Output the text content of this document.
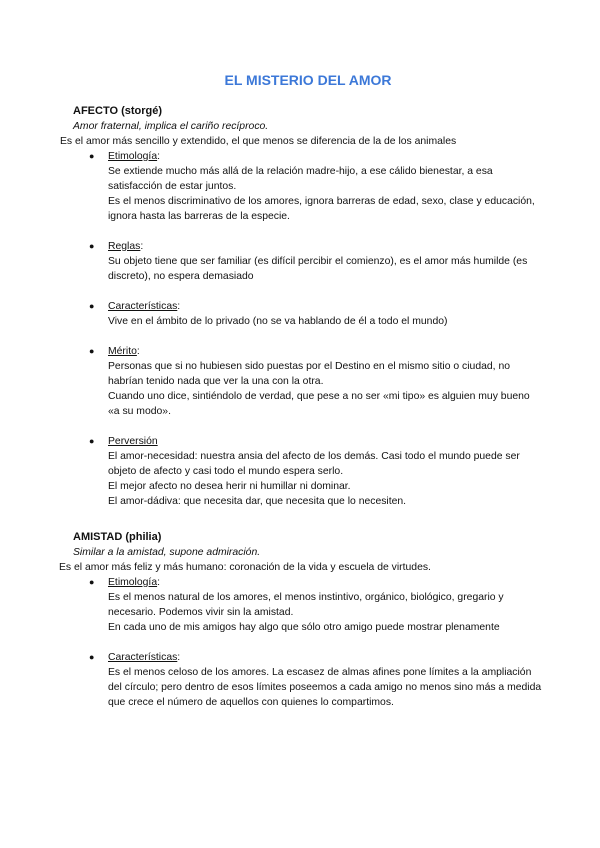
EL MISTERIO DEL AMOR
AFECTO (storgé)
Amor fraternal, implica el cariño recíproco.
Es el amor más sencillo y extendido, el que menos se diferencia de la de los animales
● Etimología:

Se extiende mucho más allá de la relación madre-hijo, a ese cálido bienestar, a esa satisfacción de estar juntos.

Es el menos discriminativo de los amores, ignora barreras de edad, sexo, clase y educación, ignora hasta las barreras de la especie.

● Reglas:

Su objeto tiene que ser familiar (es difícil percibir el comienzo), es el amor más humilde (es discreto), no espera demasiado

● Características:

Vive en el ámbito de lo privado (no se va hablando de él a todo el mundo)

● Mérito:

Personas que si no hubiesen sido puestas por el Destino en el mismo sitio o ciudad, no habrían tenido nada que ver la una con la otra.

Cuando uno dice, sintiéndolo de verdad, que pese a no ser «mi tipo» es alguien muy bueno «a su modo».

● Perversión

El amor-necesidad: nuestra ansia del afecto de los demás. Casi todo el mundo puede ser objeto de afecto y casi todo el mundo espera serlo.

El mejor afecto no desea herir ni humillar ni dominar.

El amor-dádiva: que necesita dar, que necesita que lo necesiten.

AMISTAD (philia)
Similar a la amistad, supone admiración.
Es el amor más feliz y más humano: coronación de la vida y escuela de virtudes.
● Etimología:

Es el menos natural de los amores, el menos instintivo, orgánico, biológico, gregario y necesario. Podemos vivir sin la amistad.

En cada uno de mis amigos hay algo que sólo otro amigo puede mostrar plenamente

● Características:

Es el menos celoso de los amores. La escasez de almas afines pone límites a la ampliación del círculo; pero dentro de esos límites poseemos a cada amigo no menos sino más a medida que crece el número de aquellos con quienes lo compartimos.
